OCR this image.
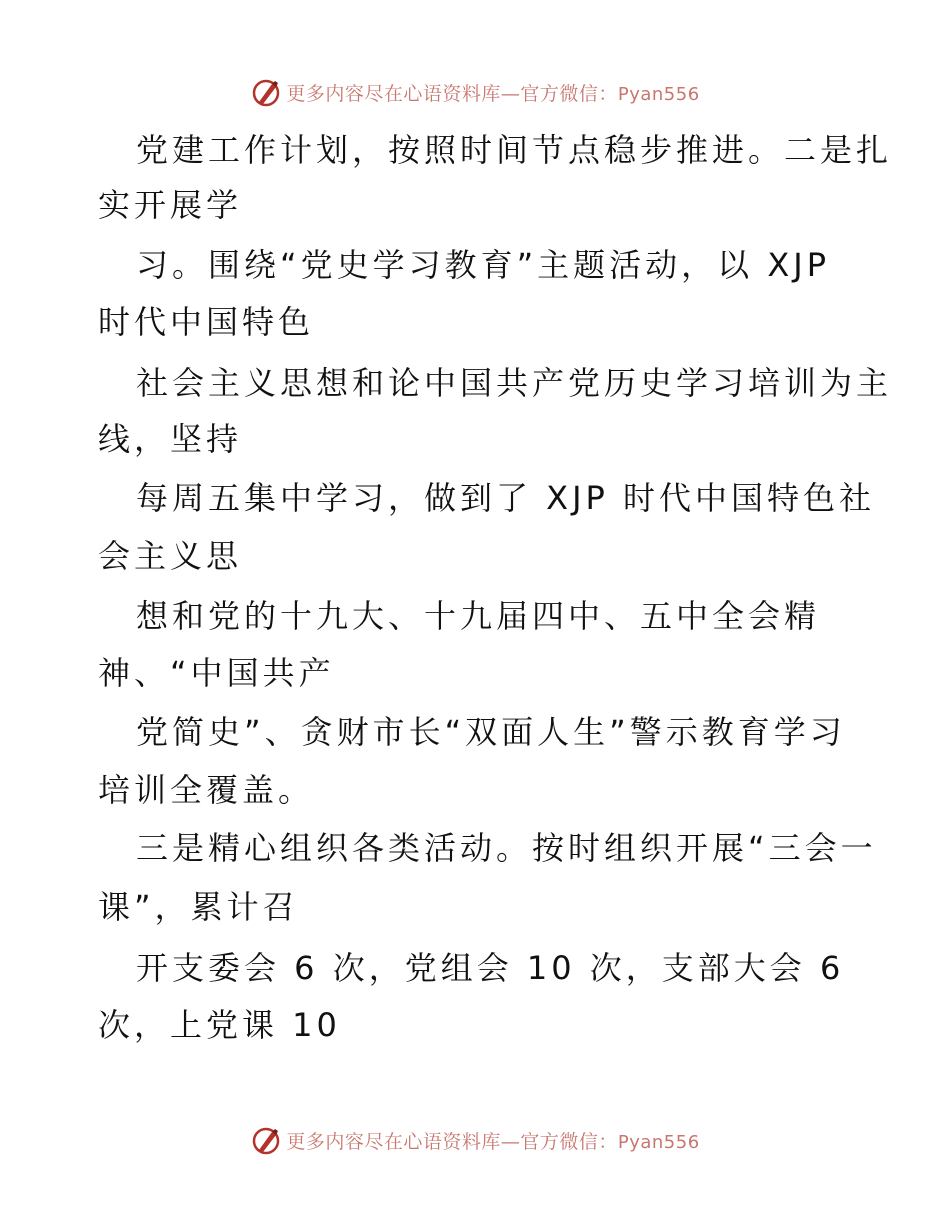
更多内容尽在心语资料库—官方微信：Pyan556
党建工作计划，按照时间节点稳步推进。二是扎
实开展学
习。围绕“党史学习教育”主题活动，以 XJP
时代中国特色
社会主义思想和论中国共产党历史学习培训为主
线，坚持
每周五集中学习，做到了 XJP 时代中国特色社
会主义思
想和党的十九大、十九届四中、五中全会精
神、“中国共产
党简史”、贪财市长“双面人生”警示教育学习
培训全覆盖。
三是精心组织各类活动。按时组织开展“三会一
课”，累计召
开支委会 6 次，党组会 10 次，支部大会 6
次，上党课 10
更多内容尽在心语资料库—官方微信：Pyan556
